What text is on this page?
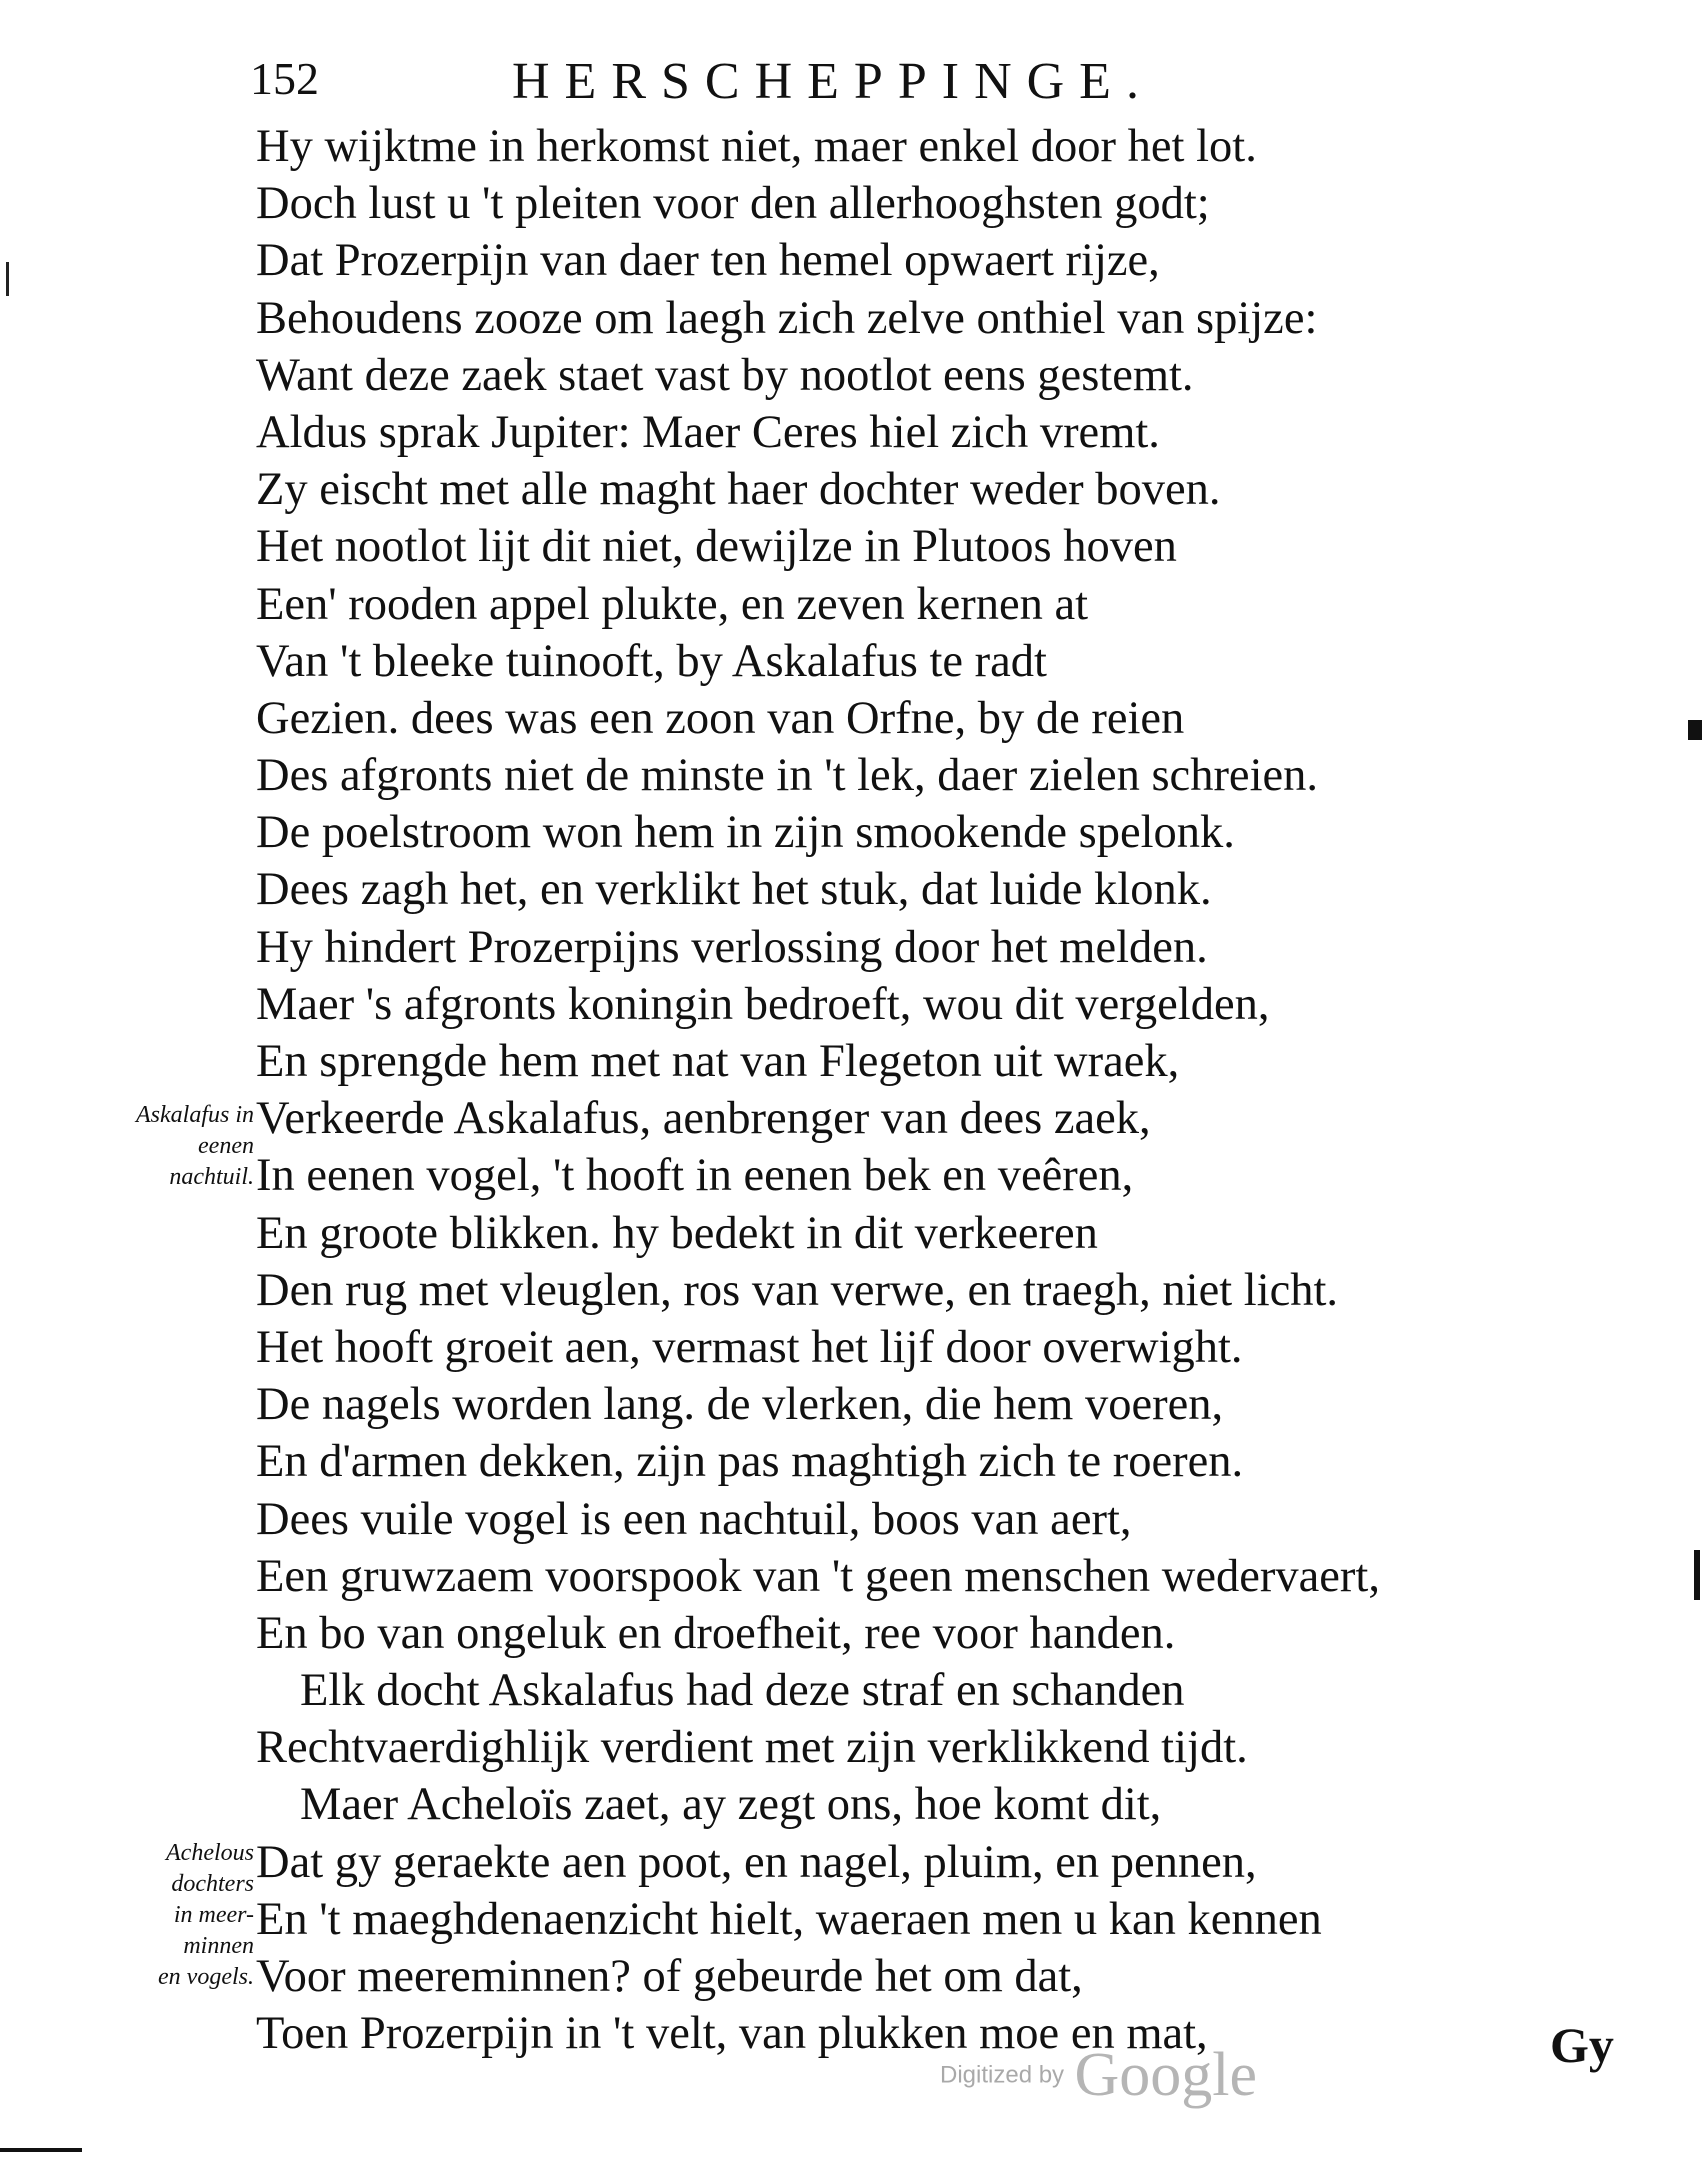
152	HERSCHEPPINGE.
Hy wijktme in herkomst niet, maer enkel door het lot.
Doch lust u 't pleiten voor den allerhooghsten godt;
Dat Prozerpijn van daer ten hemel opwaert rijze,
Behoudens zooze om laegh zich zelve onthiel van spijze:
Want deze zaek staet vast by nootlot eens gestemt.
Aldus sprak Jupiter: Maer Ceres hiel zich vremt.
Zy eischt met alle maght haer dochter weder boven.
Het nootlot lijt dit niet, dewijlze in Plutoos hoven
Een' rooden appel plukte, en zeven kernen at
Van 't bleeke tuinooft, by Askalafus te radt
Gezien. dees was een zoon van Orfne, by de reien
Des afgronts niet de minste in 't lek, daer zielen schreien.
De poelstroom won hem in zijn smookende spelonk.
Dees zagh het, en verklikt het stuk, dat luide klonk.
Hy hindert Prozerpijns verlossing door het melden.
Maer 's afgronts koningin bedroeft, wou dit vergelden,
En sprengde hem met nat van Flegeton uit wraek,
Verkeerde Askalafus, aenbrenger van dees zaek,
In eenen vogel, 't hooft in eenen bek en veêren,
En groote blikken. hy bedekt in dit verkeeren
Den rug met vleuglen, ros van verwe, en traegh, niet licht.
Het hooft groeit aen, vermast het lijf door overwight.
De nagels worden lang. de vlerken, die hem voeren,
En d'armen dekken, zijn pas maghtigh zich te roeren.
Dees vuile vogel is een nachtuil, boos van aert,
Een gruwzaem voorspook van 't geen menschen wedervaert,
En bo van ongeluk en droefheit, ree voor handen.
Elk docht Askalafus had deze straf en schanden
Rechtvaerdighlijk verdient met zijn verklikkend tijdt.
Maer Acheloïs zaet, ay zegt ons, hoe komt dit,
Dat gy geraekte aen poot, en nagel, pluim, en pennen,
En 't maeghdenaenzicht hielt, waeraen men u kan kennen
Voor meereminnen? of gebeurde het om dat,
Toen Prozerpijn in 't velt, van plukken moe en mat,
Askalafus in
eenen
nachtuil.
Achelous
dochters
in meer-
minnen
en vogels.
Gy
Digitized by Google
